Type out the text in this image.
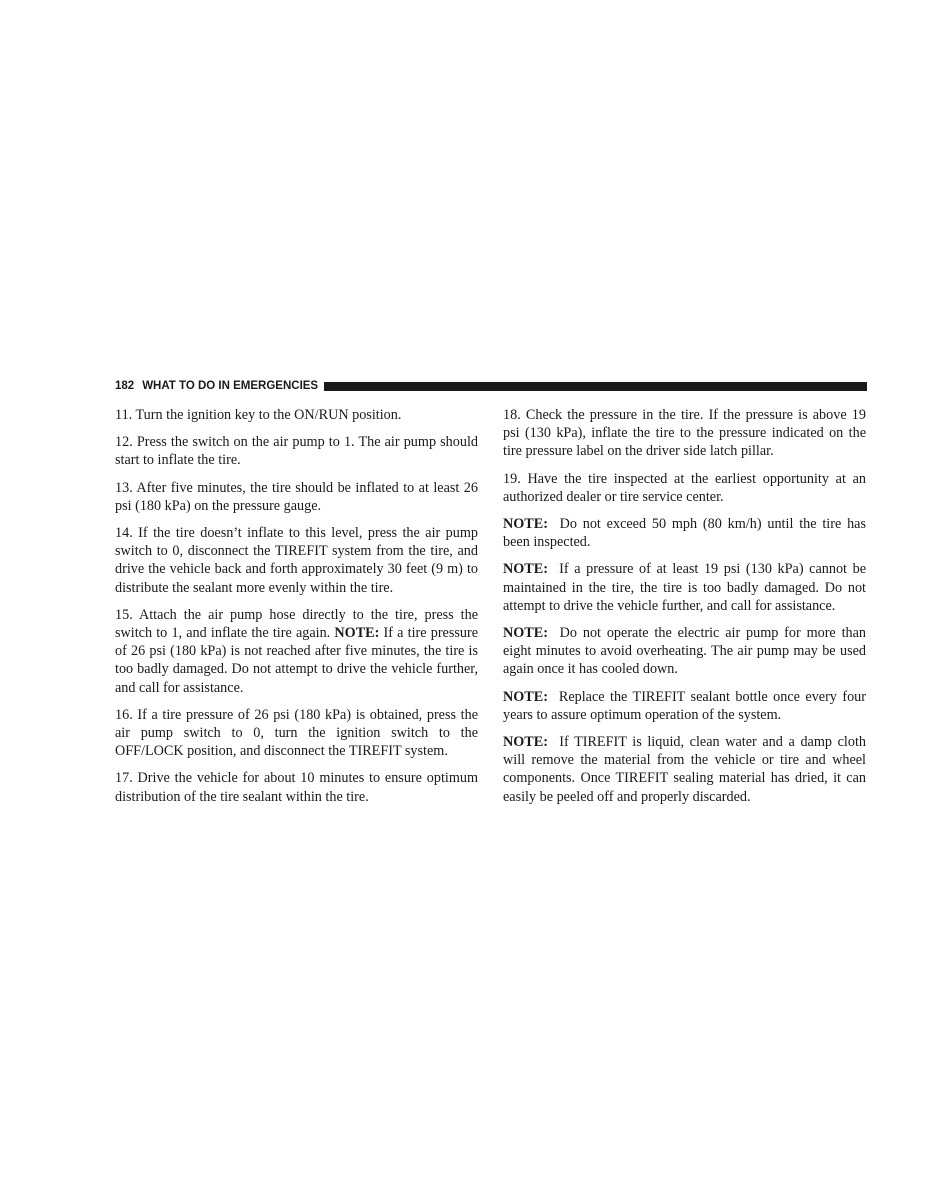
182 WHAT TO DO IN EMERGENCIES

11. Turn the ignition key to the ON/RUN position.

12. Press the switch on the air pump to 1. The air pump should start to inflate the tire.

13. After five minutes, the tire should be inflated to at least 26 psi (180 kPa) on the pressure gauge.

14. If the tire doesn’t inflate to this level, press the air pump switch to 0, disconnect the TIREFIT system from the tire, and drive the vehicle back and forth approximately 30 feet (9 m) to distribute the sealant more evenly within the tire.

15. Attach the air pump hose directly to the tire, press the switch to 1, and inflate the tire again. NOTE: If a tire pressure of 26 psi (180 kPa) is not reached after five minutes, the tire is too badly damaged. Do not attempt to drive the vehicle further, and call for assistance.

16. If a tire pressure of 26 psi (180 kPa) is obtained, press the air pump switch to 0, turn the ignition switch to the OFF/LOCK position, and disconnect the TIREFIT system.

17. Drive the vehicle for about 10 minutes to ensure optimum distribution of the tire sealant within the tire.

18. Check the pressure in the tire. If the pressure is above 19 psi (130 kPa), inflate the tire to the pressure indicated on the tire pressure label on the driver side latch pillar.

19. Have the tire inspected at the earliest opportunity at an authorized dealer or tire service center.

NOTE: Do not exceed 50 mph (80 km/h) until the tire has been inspected.

NOTE: If a pressure of at least 19 psi (130 kPa) cannot be maintained in the tire, the tire is too badly damaged. Do not attempt to drive the vehicle further, and call for assistance.

NOTE: Do not operate the electric air pump for more than eight minutes to avoid overheating. The air pump may be used again once it has cooled down.

NOTE: Replace the TIREFIT sealant bottle once every four years to assure optimum operation of the system.

NOTE: If TIREFIT is liquid, clean water and a damp cloth will remove the material from the vehicle or tire and wheel components. Once TIREFIT sealing material has dried, it can easily be peeled off and properly discarded.
